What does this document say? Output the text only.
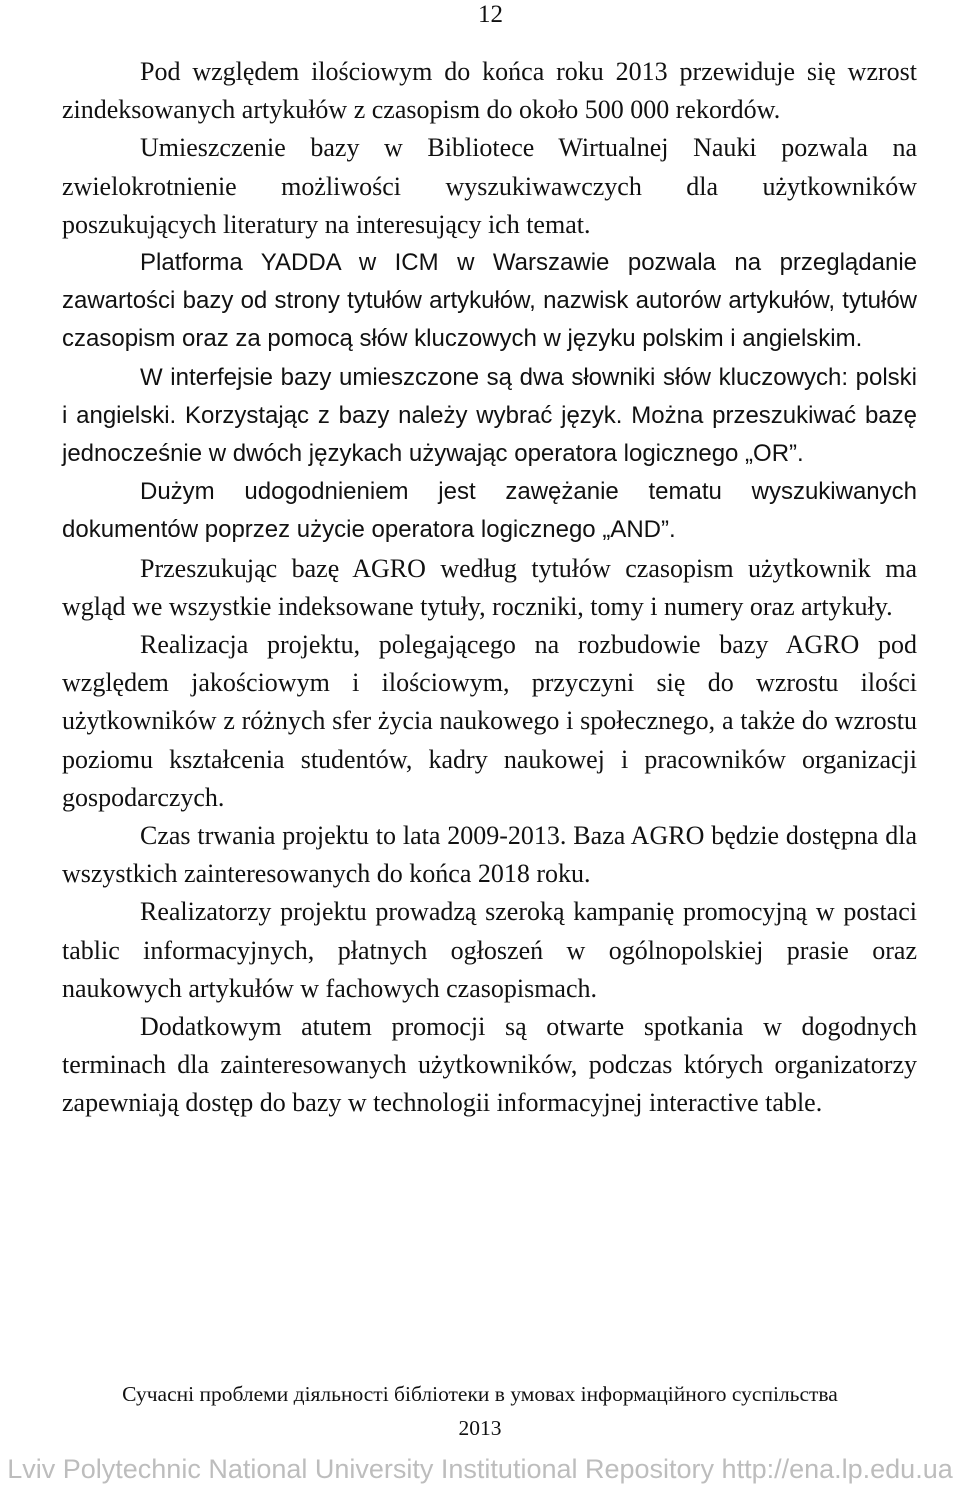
12

Pod względem ilościowym do końca roku 2013 przewiduje się wzrost zindeksowanych artykułów z czasopism do około 500 000 rekordów.

Umieszczenie bazy w Bibliotece Wirtualnej Nauki pozwala na zwielokrotnienie możliwości wyszukiwawczych dla użytkowników poszukujących literatury na interesujący ich temat.

Platforma YADDA w ICM w Warszawie pozwala na przeglądanie zawartości bazy od strony tytułów artykułów, nazwisk autorów artykułów, tytułów czasopism oraz za pomocą słów kluczowych w języku polskim i angielskim.

W interfejsie bazy umieszczone są dwa słowniki słów kluczowych: polski i angielski. Korzystając z bazy należy wybrać język. Można przeszukiwać bazę jednocześnie w dwóch językach używając operatora logicznego „OR”.

Dużym udogodnieniem jest zawężanie tematu wyszukiwanych dokumentów poprzez użycie operatora logicznego „AND”.

Przeszukując bazę AGRO według tytułów czasopism użytkownik ma wgląd we wszystkie indeksowane tytuły, roczniki, tomy i numery oraz artykuły.

Realizacja projektu, polegającego na rozbudowie bazy AGRO pod względem jakościowym i ilościowym, przyczyni się do wzrostu ilości użytkowników z różnych sfer życia naukowego i społecznego, a także do wzrostu poziomu kształcenia studentów, kadry naukowej i pracowników organizacji gospodarczych.

Czas trwania projektu to lata 2009-2013. Baza AGRO będzie dostępna dla wszystkich zainteresowanych do końca 2018 roku.

Realizatorzy projektu prowadzą szeroką kampanię promocyjną w postaci tablic informacyjnych, płatnych ogłoszeń w ogólnopolskiej prasie oraz naukowych artykułów w fachowych czasopismach.

Dodatkowym atutem promocji są otwarte spotkania w dogodnych terminach dla zainteresowanych użytkowników, podczas których organizatorzy zapewniają dostęp do bazy w technologii informacyjnej interactive table.

Сучасні проблеми діяльності бібліотеки в умовах інформаційного суспільства
2013
Lviv Polytechnic National University Institutional Repository http://ena.lp.edu.ua
